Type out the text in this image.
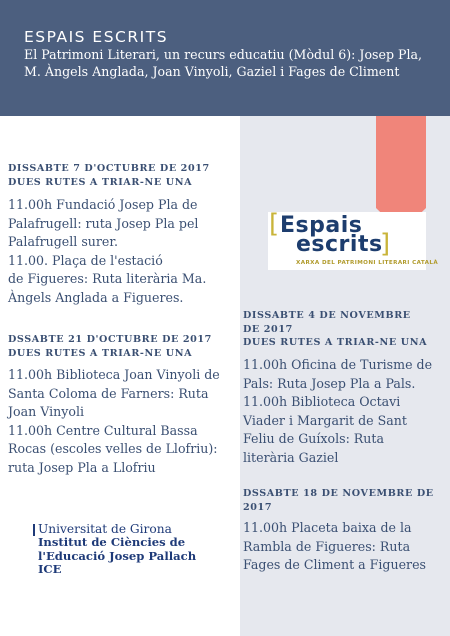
ESPAIS ESCRITS
El Patrimoni Literari, un recurs educatiu (Mòdul 6): Josep Pla,
M. Àngels Anglada, Joan Vinyoli, Gaziel i Fages de Climent
DISSABTE 7 D'OCTUBRE DE 2017
DUES RUTES A TRIAR-NE UNA
11.00h Fundació Josep Pla de
Palafrugell: ruta Josep Pla pel
Palafrugell surer.
11.00. Plaça de l'estació
de Figueres: Ruta literària Ma.
Àngels Anglada a Figueres.
DSSABTE 21 D'OCTUBRE DE 2017
DUES RUTES A TRIAR-NE UNA
11.00h Biblioteca Joan Vinyoli de
Santa Coloma de Farners: Ruta
Joan Vinyoli
11.00h Centre Cultural Bassa
Rocas (escoles velles de Llofriu):
ruta Josep Pla a Llofriu
[ Espais
escrits
]
XARXA DEL PATRIMONI LITERARI CATALÀ
DISSABTE 4 DE NOVEMBRE
DE 2017
DUES RUTES A TRIAR-NE UNA
11.00h Oficina de Turisme de
Pals: Ruta Josep Pla a Pals.
11.00h Biblioteca Octavi
Viader i Margarit de Sant
Feliu de Guíxols: Ruta
literària Gaziel
DSSABTE 18 DE NOVEMBRE DE
2017
11.00h Placeta baixa de la
Rambla de Figueres: Ruta
Fages de Climent a Figueres
Universitat de Girona
Institut de Ciències de
l'Educació Josep Pallach
ICE
